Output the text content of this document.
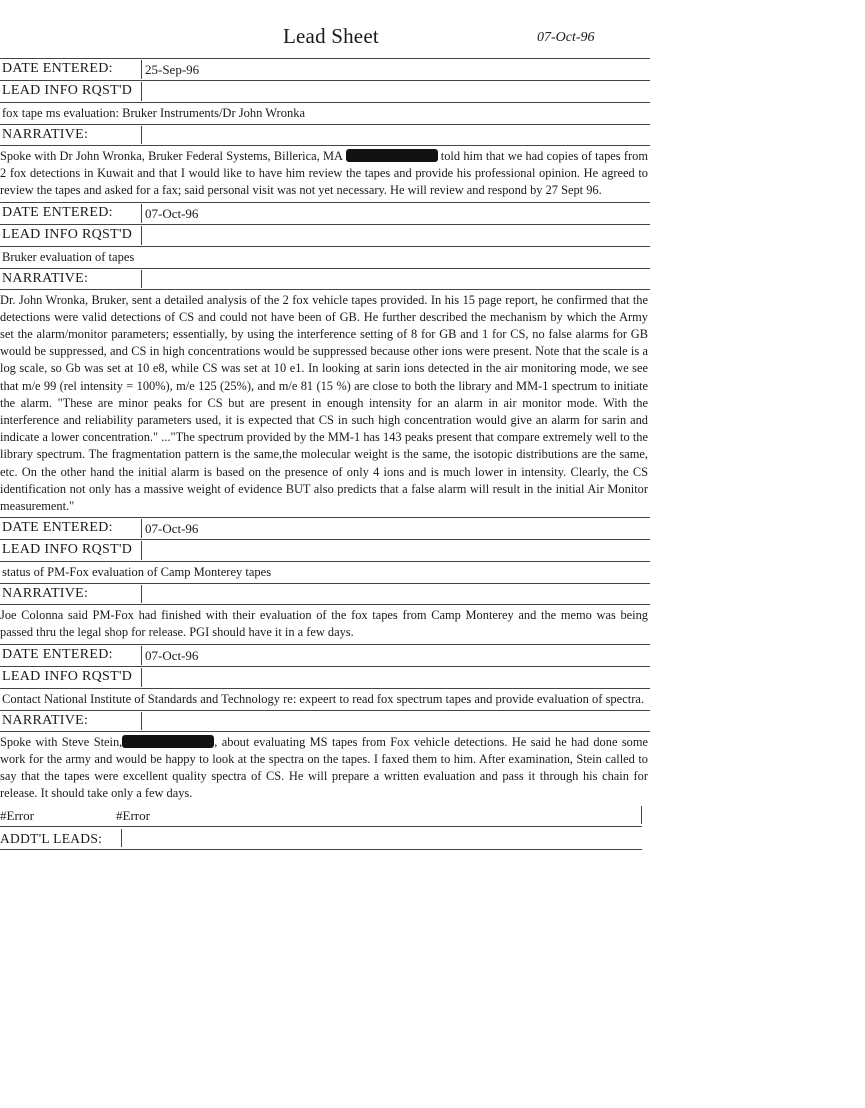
Lead Sheet	07-Oct-96
DATE ENTERED: 25-Sep-96
LEAD INFO RQST'D
fox tape ms evaluation: Bruker Instruments/Dr John Wronka
NARRATIVE:
Spoke with Dr John Wronka, Bruker Federal Systems, Billerica, MA	told him that we had copies of tapes from 2 fox detections in Kuwait and that I would like to have him review the tapes and provide his professional opinion. He agreed to review the tapes and asked for a fax; said personal visit was not yet necessary. He will review and respond by 27 Sept 96.
DATE ENTERED: 07-Oct-96
LEAD INFO RQST'D
Bruker evaluation of tapes
NARRATIVE:
Dr. John Wronka, Bruker, sent a detailed analysis of the 2 fox vehicle tapes provided. In his 15 page report, he confirmed that the detections were valid detections of CS and could not have been of GB. He further described the mechanism by which the Army set the alarm/monitor parameters; essentially, by using the interference setting of 8 for GB and 1 for CS, no false alarms for GB would be suppressed, and CS in high concentrations would be suppressed because other ions were present. Note that the scale is a log scale, so Gb was set at 10 e8, while CS was set at 10 e1. In looking at sarin ions detected in the air monitoring mode, we see that m/e 99 (rel intensity = 100%), m/e 125 (25%), and m/e 81 (15 %) are close to both the library and MM-1 spectrum to initiate the alarm. "These are minor peaks for CS but are present in enough intensity for an alarm in air monitor mode. With the interference and reliability parameters used, it is expected that CS in such high concentration would give an alarm for sarin and indicate a lower concentration." ..."The spectrum provided by the MM-1 has 143 peaks present that compare extremely well to the library spectrum. The fragmentation pattern is the same,the molecular weight is the same, the isotopic distributions are the same, etc. On the other hand the initial alarm is based on the presence of only 4 ions and is much lower in intensity. Clearly, the CS identification not only has a massive weight of evidence BUT also predicts that a false alarm will result in the initial Air Monitor measurement."
DATE ENTERED: 07-Oct-96
LEAD INFO RQST'D
status of PM-Fox evaluation of Camp Monterey tapes
NARRATIVE:
Joe Colonna said PM-Fox had finished with their evaluation of the fox tapes from Camp Monterey and the memo was being passed thru the legal shop for release. PGI should have it in a few days.
DATE ENTERED: 07-Oct-96
LEAD INFO RQST'D
Contact National Institute of Standards and Technology re: expeert to read fox spectrum tapes and provide evaluation of spectra.
NARRATIVE:
Spoke with Steve Stein,	, about evaluating MS tapes from Fox vehicle detections. He said he had done some work for the army and would be happy to look at the spectra on the tapes. I faxed them to him. After examination, Stein called to say that the tapes were excellent quality spectra of CS. He will prepare a written evaluation and pass it through his chain for release. It should take only a few days.
#Error	#Error
ADDT'L LEADS:
